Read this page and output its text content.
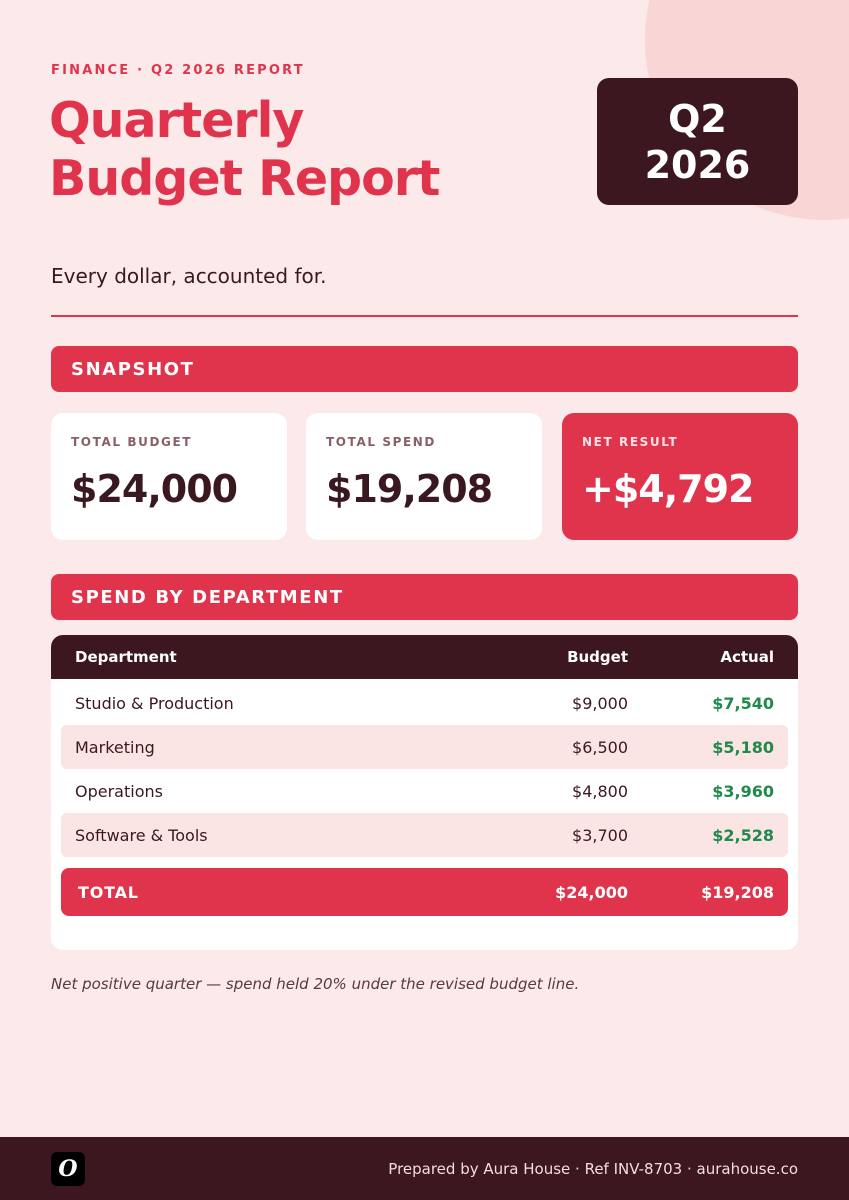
FINANCE · Q2 2026 REPORT
Quarterly
Budget Report
Q2
2026
Every dollar, accounted for.
SNAPSHOT
TOTAL BUDGET
$24,000
TOTAL SPEND
$19,208
NET RESULT
+$4,792
SPEND BY DEPARTMENT
Department	Budget	Actual
Studio & Production	$9,000	$7,540
Marketing	$6,500	$5,180
Operations	$4,800	$3,960
Software & Tools	$3,700	$2,528
TOTAL	$24,000	$19,208
Net positive quarter — spend held 20% under the revised budget line.
O	Prepared by Aura House · Ref INV-8703 · aurahouse.co
